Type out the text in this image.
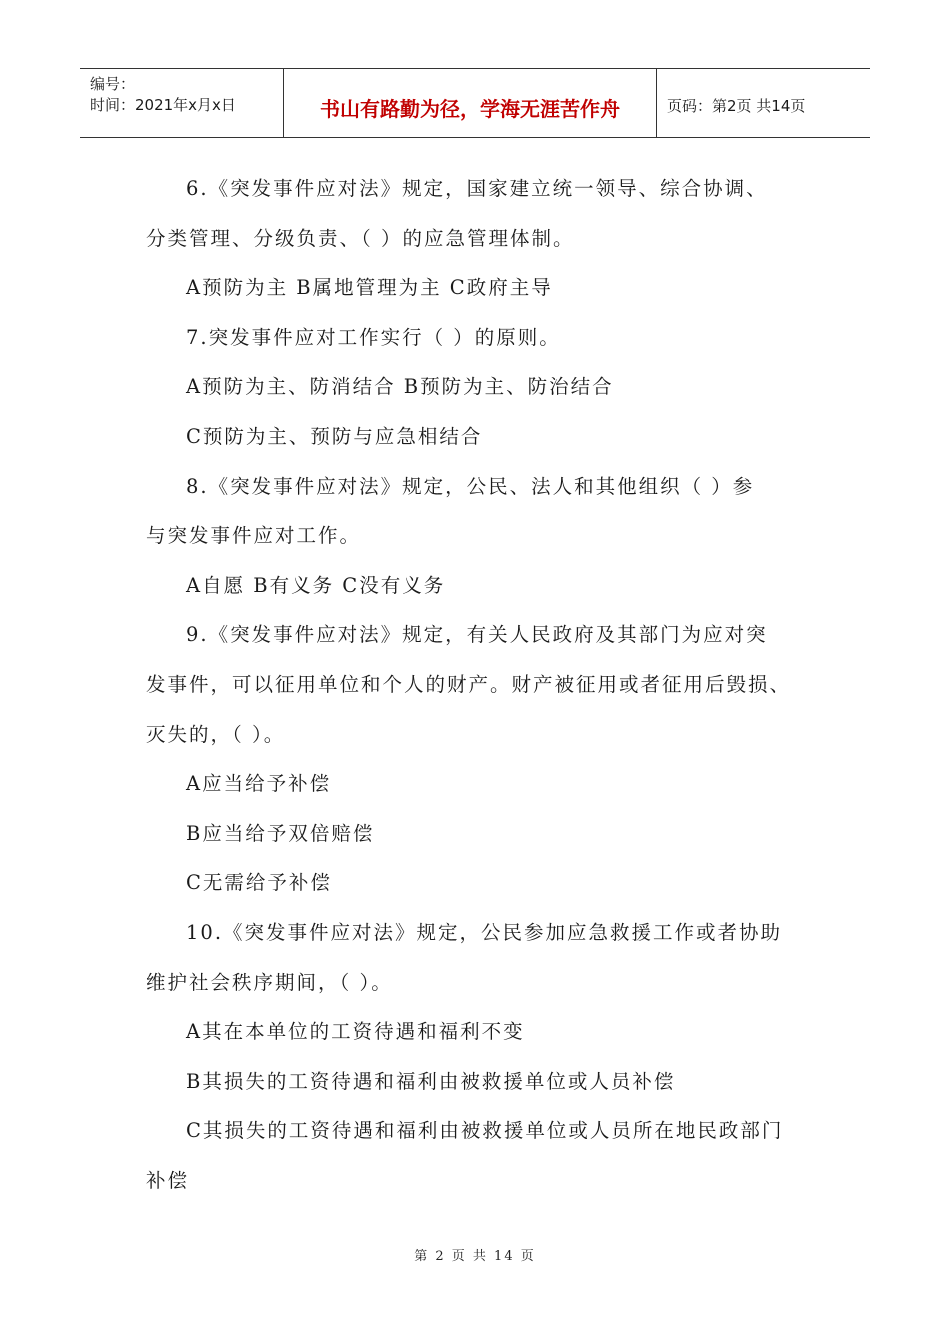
编号：
时间：2021年x月x日	书山有路勤为径，学海无涯苦作舟	页码：第2页 共14页
6.《突发事件应对法》规定，国家建立统一领导、综合协调、
分类管理、分级负责、（ ）的应急管理体制。
A预防为主 B属地管理为主 C政府主导
7.突发事件应对工作实行（ ）的原则。
A预防为主、防消结合 B预防为主、防治结合
C预防为主、预防与应急相结合
8.《突发事件应对法》规定，公民、法人和其他组织（ ）参
与突发事件应对工作。
A自愿 B有义务 C没有义务
9.《突发事件应对法》规定，有关人民政府及其部门为应对突
发事件，可以征用单位和个人的财产。财产被征用或者征用后毁损、
灭失的，（ ）。
A应当给予补偿
B应当给予双倍赔偿
C无需给予补偿
10.《突发事件应对法》规定，公民参加应急救援工作或者协助
维护社会秩序期间，（ ）。
A其在本单位的工资待遇和福利不变
B其损失的工资待遇和福利由被救援单位或人员补偿
C其损失的工资待遇和福利由被救援单位或人员所在地民政部门
补偿
第 2 页 共 14 页
